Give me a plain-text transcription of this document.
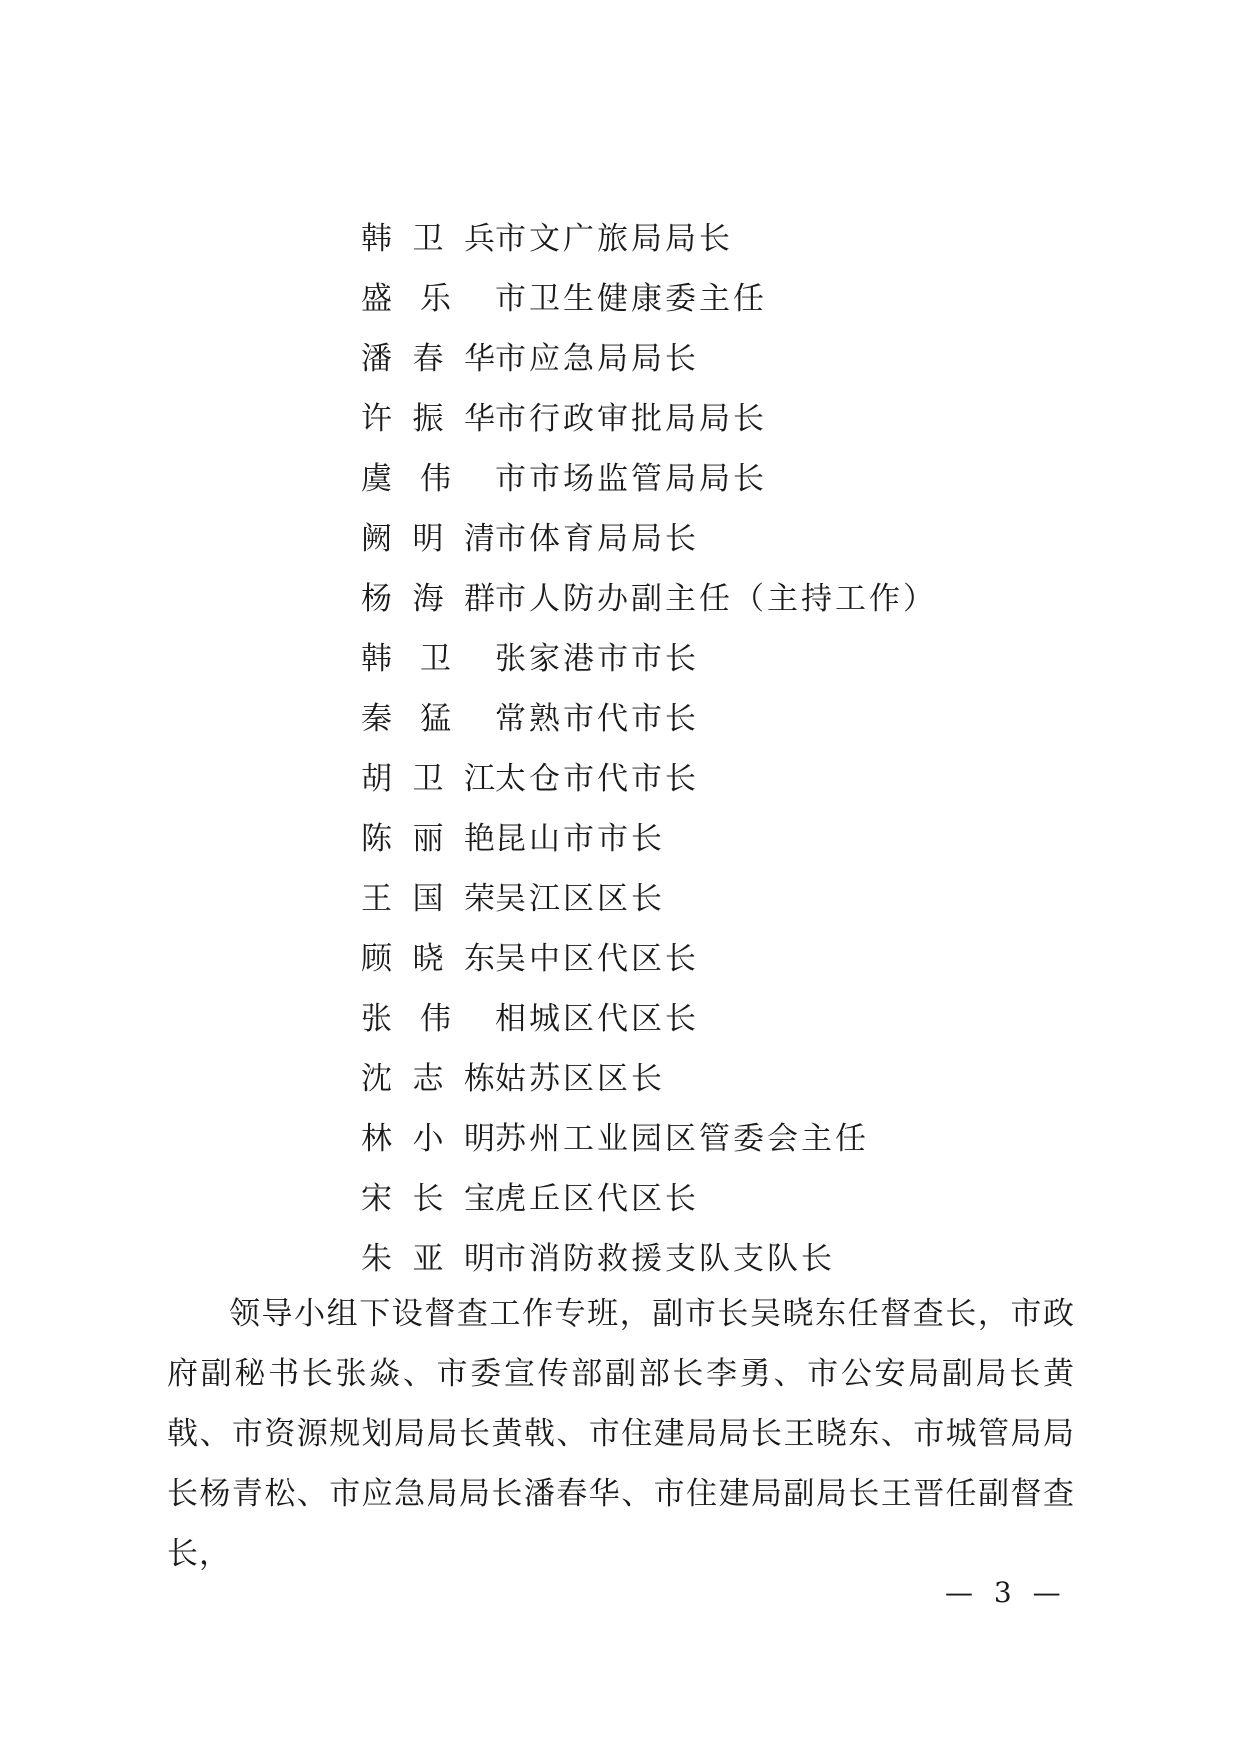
韩 卫 兵 市文广旅局局长
盛 乐 市卫生健康委主任
潘 春 华 市应急局局长
许 振 华 市行政审批局局长
虞 伟 市市场监管局局长
阙 明 清 市体育局局长
杨 海 群 市人防办副主任（主持工作）
韩 卫 张家港市市长
秦 猛 常熟市代市长
胡 卫 江 太仓市代市长
陈 丽 艳 昆山市市长
王 国 荣 吴江区区长
顾 晓 东 吴中区代区长
张 伟 相城区代区长
沈 志 栋 姑苏区区长
林 小 明 苏州工业园区管委会主任
宋 长 宝 虎丘区代区长
朱 亚 明 市消防救援支队支队长

领导小组下设督查工作专班，副市长吴晓东任督查长，市政府副秘书长张焱、市委宣传部副部长李勇、市公安局副局长黄戟、市资源规划局局长黄戟、市住建局局长王晓东、市城管局局长杨青松、市应急局局长潘春华、市住建局副局长王晋任副督查长，

— 3 —
